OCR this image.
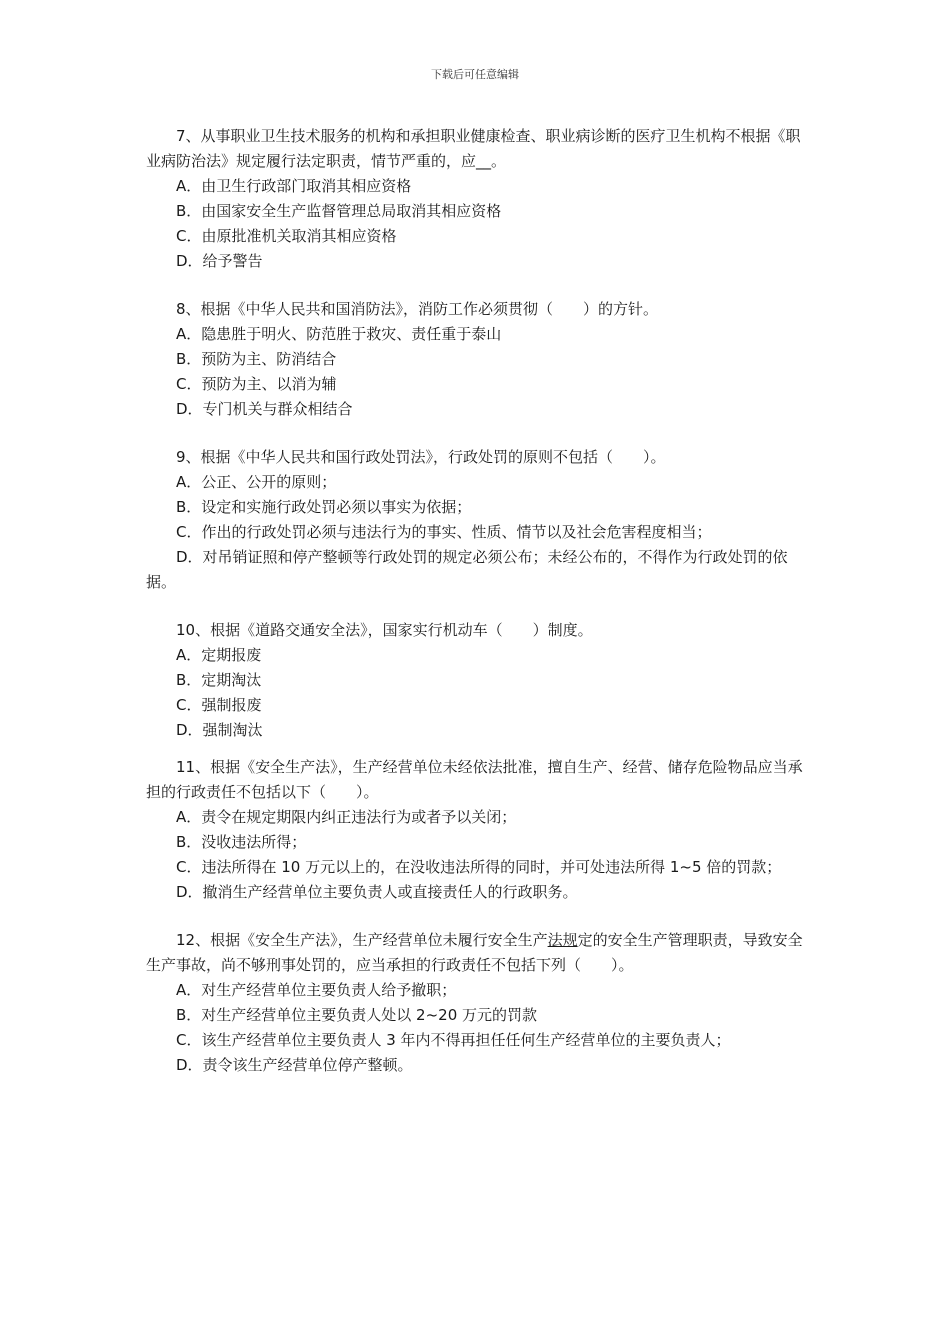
下载后可任意编辑

7、从事职业卫生技术服务的机构和承担职业健康检查、职业病诊断的医疗卫生机构不根据《职业病防治法》规定履行法定职责，情节严重的，应__。

A．由卫生行政部门取消其相应资格

B．由国家安全生产监督管理总局取消其相应资格

C．由原批准机关取消其相应资格

D．给予警告

8、根据《中华人民共和国消防法》，消防工作必须贯彻（　　）的方针。

A．隐患胜于明火、防范胜于救灾、责任重于泰山

B．预防为主、防消结合

C．预防为主、以消为辅

D．专门机关与群众相结合

9、根据《中华人民共和国行政处罚法》，行政处罚的原则不包括（　　）。

A．公正、公开的原则；

B．设定和实施行政处罚必须以事实为依据；

C．作出的行政处罚必须与违法行为的事实、性质、情节以及社会危害程度相当；

D．对吊销证照和停产整顿等行政处罚的规定必须公布；未经公布的，不得作为行政处罚的依据。

10、根据《道路交通安全法》，国家实行机动车（　　）制度。

A．定期报废

B．定期淘汰

C．强制报废

D．强制淘汰

11、根据《安全生产法》，生产经营单位未经依法批准，擅自生产、经营、储存危险物品应当承担的行政责任不包括以下（　　）。

A．责令在规定期限内纠正违法行为或者予以关闭；

B．没收违法所得；

C．违法所得在 10 万元以上的，在没收违法所得的同时，并可处违法所得 1~5 倍的罚款；

D．撤消生产经营单位主要负责人或直接责任人的行政职务。

12、根据《安全生产法》，生产经营单位未履行安全生产法规定的安全生产管理职责，导致安全生产事故，尚不够刑事处罚的，应当承担的行政责任不包括下列（　　）。

A．对生产经营单位主要负责人给予撤职；

B．对生产经营单位主要负责人处以 2~20 万元的罚款

C．该生产经营单位主要负责人 3 年内不得再担任任何生产经营单位的主要负责人；

D．责令该生产经营单位停产整顿。
